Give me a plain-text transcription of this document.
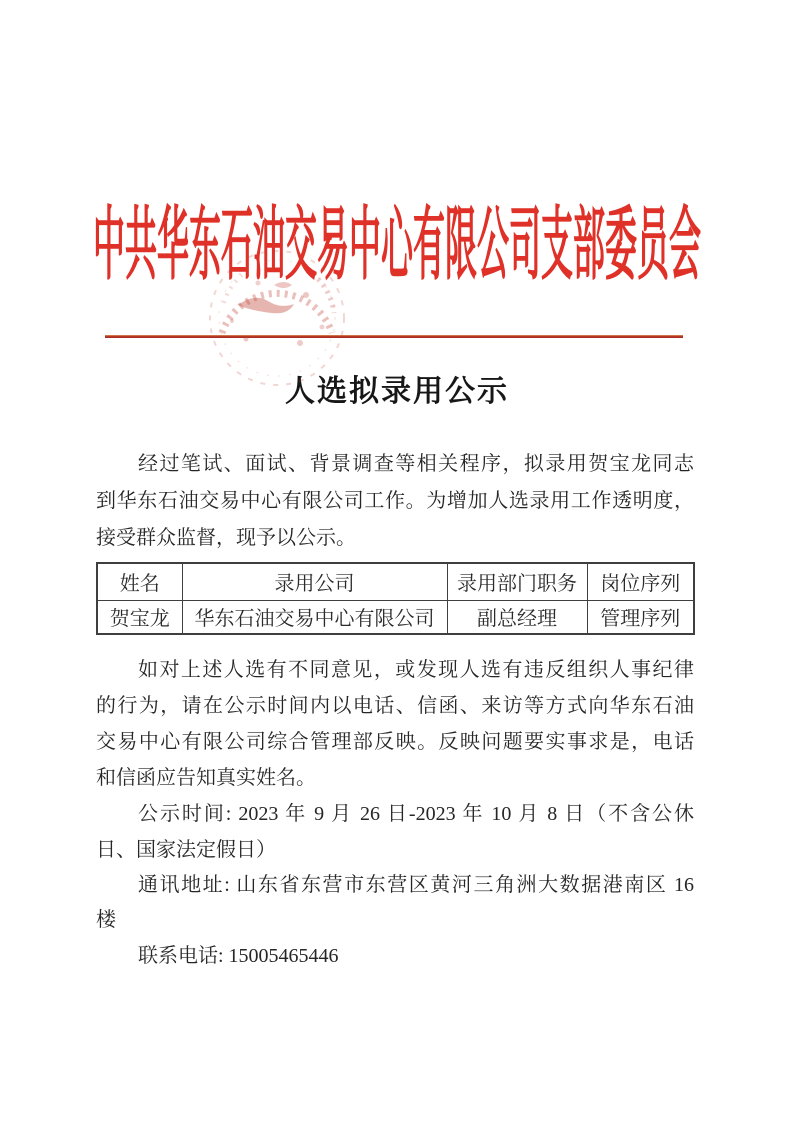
中共华东石油交易中心有限公司支部委员会
人选拟录用公示
经过笔试、面试、背景调查等相关程序，拟录用贺宝龙同志
到华东石油交易中心有限公司工作。为增加人选录用工作透明度，
接受群众监督，现予以公示。
姓名	录用公司	录用部门职务	岗位序列
贺宝龙	华东石油交易中心有限公司	副总经理	管理序列
如对上述人选有不同意见，或发现人选有违反组织人事纪律
的行为，请在公示时间内以电话、信函、来访等方式向华东石油
交易中心有限公司综合管理部反映。反映问题要实事求是，电话
和信函应告知真实姓名。
公示时间: 2023 年 9 月 26 日-2023 年 10 月 8 日（不含公休
日、国家法定假日）
通讯地址: 山东省东营市东营区黄河三角洲大数据港南区 16
楼
联系电话: 15005465446
